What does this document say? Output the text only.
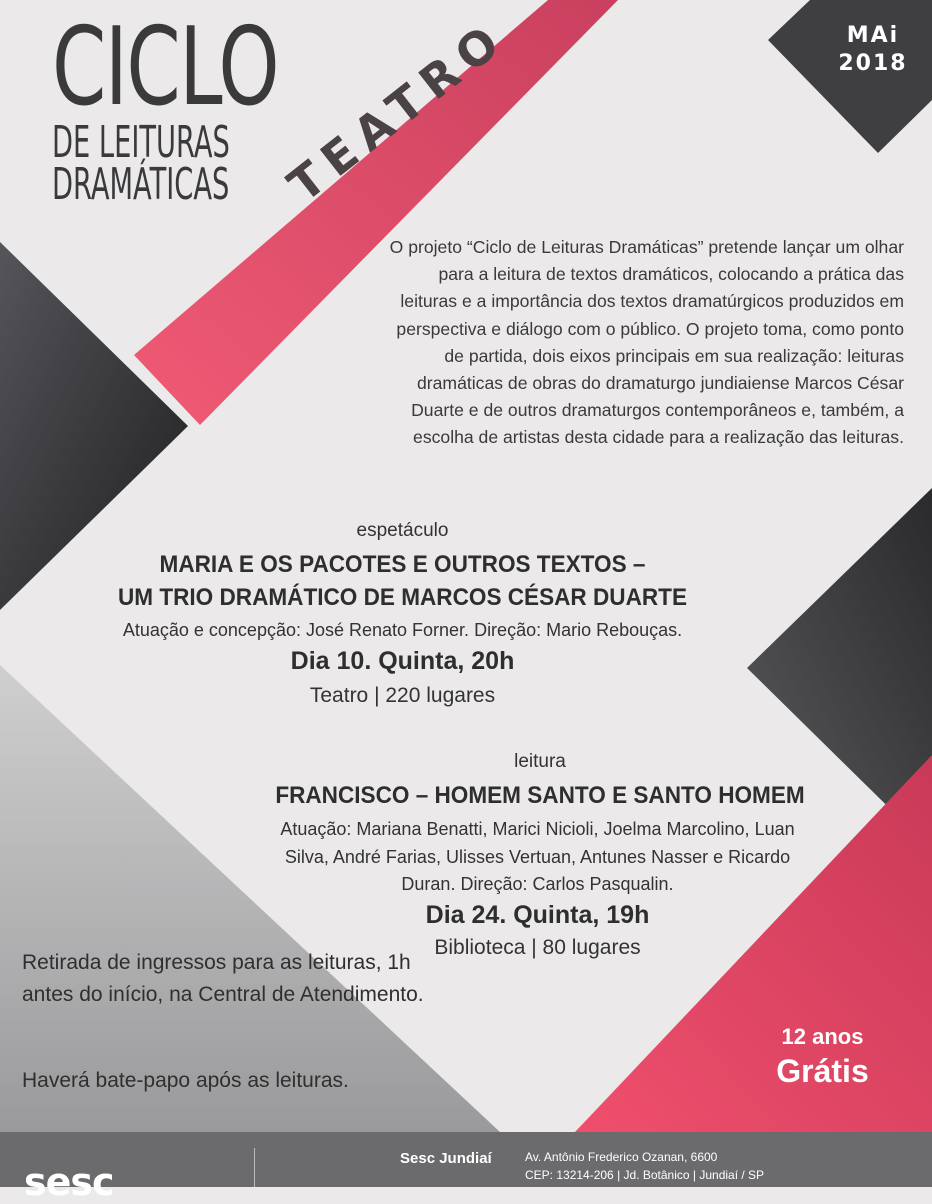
CICLO
DE LEITURAS
DRAMÁTICAS TEATRO	MAi
2018
O projeto “Ciclo de Leituras Dramáticas” pretende lançar um olhar para a leitura de textos dramáticos, colocando a prática das leituras e a importância dos textos dramatúrgicos produzidos em perspectiva e diálogo com o público. O projeto toma, como ponto de partida, dois eixos principais em sua realização: leituras dramáticas de obras do dramaturgo jundiaiense Marcos César Duarte e de outros dramaturgos contemporâneos e, também, a escolha de artistas desta cidade para a realização das leituras.
espetáculo
MARIA E OS PACOTES E OUTROS TEXTOS –
UM TRIO DRAMÁTICO DE MARCOS CÉSAR DUARTE
Atuação e concepção: José Renato Forner. Direção: Mario Rebouças.
Dia 10. Quinta, 20h
Teatro | 220 lugares
leitura
FRANCISCO – HOMEM SANTO E SANTO HOMEM
Atuação: Mariana Benatti, Marici Nicioli, Joelma Marcolino, Luan Silva, André Farias, Ulisses Vertuan, Antunes Nasser e Ricardo Duran. Direção: Carlos Pasqualin.
Dia 24. Quinta, 19h
Biblioteca | 80 lugares
Retirada de ingressos para as leituras, 1h antes do início, na Central de Atendimento.
Haverá bate-papo após as leituras.
12 anos
Grátis
sesc
Sesc Jundiaí	Av. Antônio Frederico Ozanan, 6600
CEP: 13214-206 | Jd. Botânico | Jundiaí / SP
